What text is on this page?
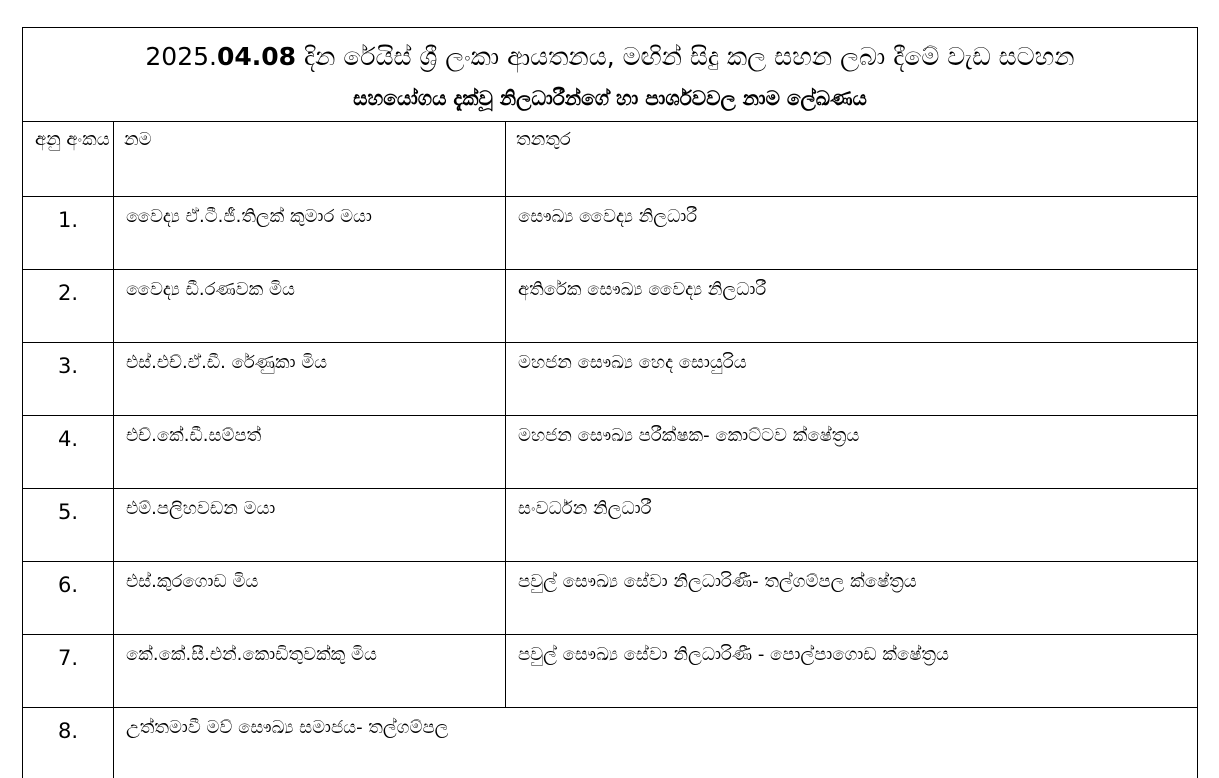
2025.04.08 දින රේයිස් ශ්‍රී ලංකා ආයතනය, මඟින් සිදු කල සහන ලබා දීමේ වැඩ සටහන
සහයෝගය දැක්වූ නිලධාරීන්ගේ හා පාර්ශවවල නාම ලේඛණය		

අනු අංකය	නම	තනතුර
1.	වෛද්‍ය ඒ.ටී.ජී.තිලක් කුමාර මයා	සෞඛ්‍ය වෛද්‍ය නිලධාරී
2.	වෛද්‍ය ඩී.රණවක මිය	අතිරේක සෞඛ්‍ය වෛද්‍ය නිලධාරී
3.	එස්.එච්.ඒ.ඩී. රේණුකා මිය	මහජන සෞඛ්‍ය හෙද සොයුරිය
4.	එච්.කේ.ඩී.සම්පත්	මහජන සෞඛ්‍ය පරීක්ෂක- කොට්ටව ක්ෂේත්‍රය
5.	එම්.පලිහවඩන මයා	සංවර්ධන නිලධාරී
6.	එස්.කුරගොඩ මිය	පවුල් සෞඛ්‍ය සේවා නිලධාරිණී- තල්ගම්පල ක්ෂේත්‍රය
7.	කේ.කේ.සී.එන්.කොඩිතුවක්කු මිය	පවුල් සෞඛ්‍ය සේවා නිලධාරිණී - පොල්පාගොඩ ක්ෂේත්‍රය
8.	උත්තමාවී මව් සෞඛ්‍ය සමාජය- තල්ගම්පල	
